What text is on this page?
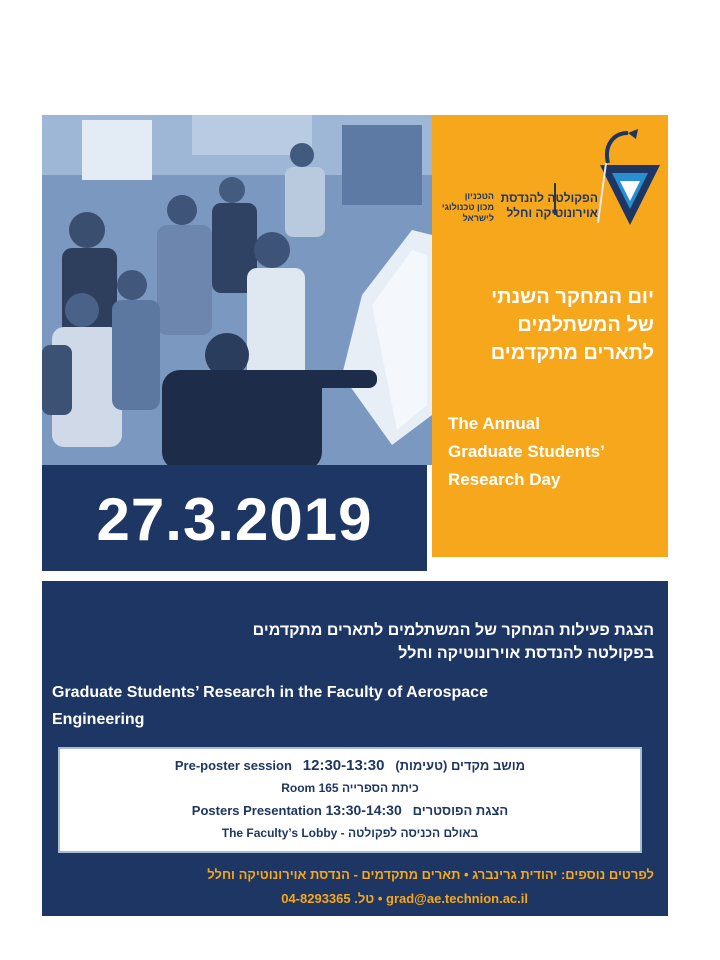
הפקולטה להנדסת
אוירונוטיקה וחלל
הטכניון
מכון טכנולוגי
לישראל
יום המחקר השנתי
של המשתלמים
לתארים מתקדמים
The Annual
Graduate Students’
Research Day
27.3.2019
הצגת פעילות המחקר של המשתלמים לתארים מתקדמים
בפקולטה להנדסת אוירונוטיקה וחלל
Graduate Students’ Research in the Faculty of Aerospace
Engineering
Pre-poster session 12:30-13:30 מושב מקדים (טעימות)
Room 165 כיתת הספרייה
Posters Presentation 13:30-14:30 הצגת הפוסטרים
The Faculty’s Lobby - באולם הכניסה לפקולטה
לפרטים נוספים: יהודית גרינברג • תארים מתקדמים - הנדסת אוירונוטיקה וחלל
04-8293365 .טל • grad@ae.technion.ac.il
